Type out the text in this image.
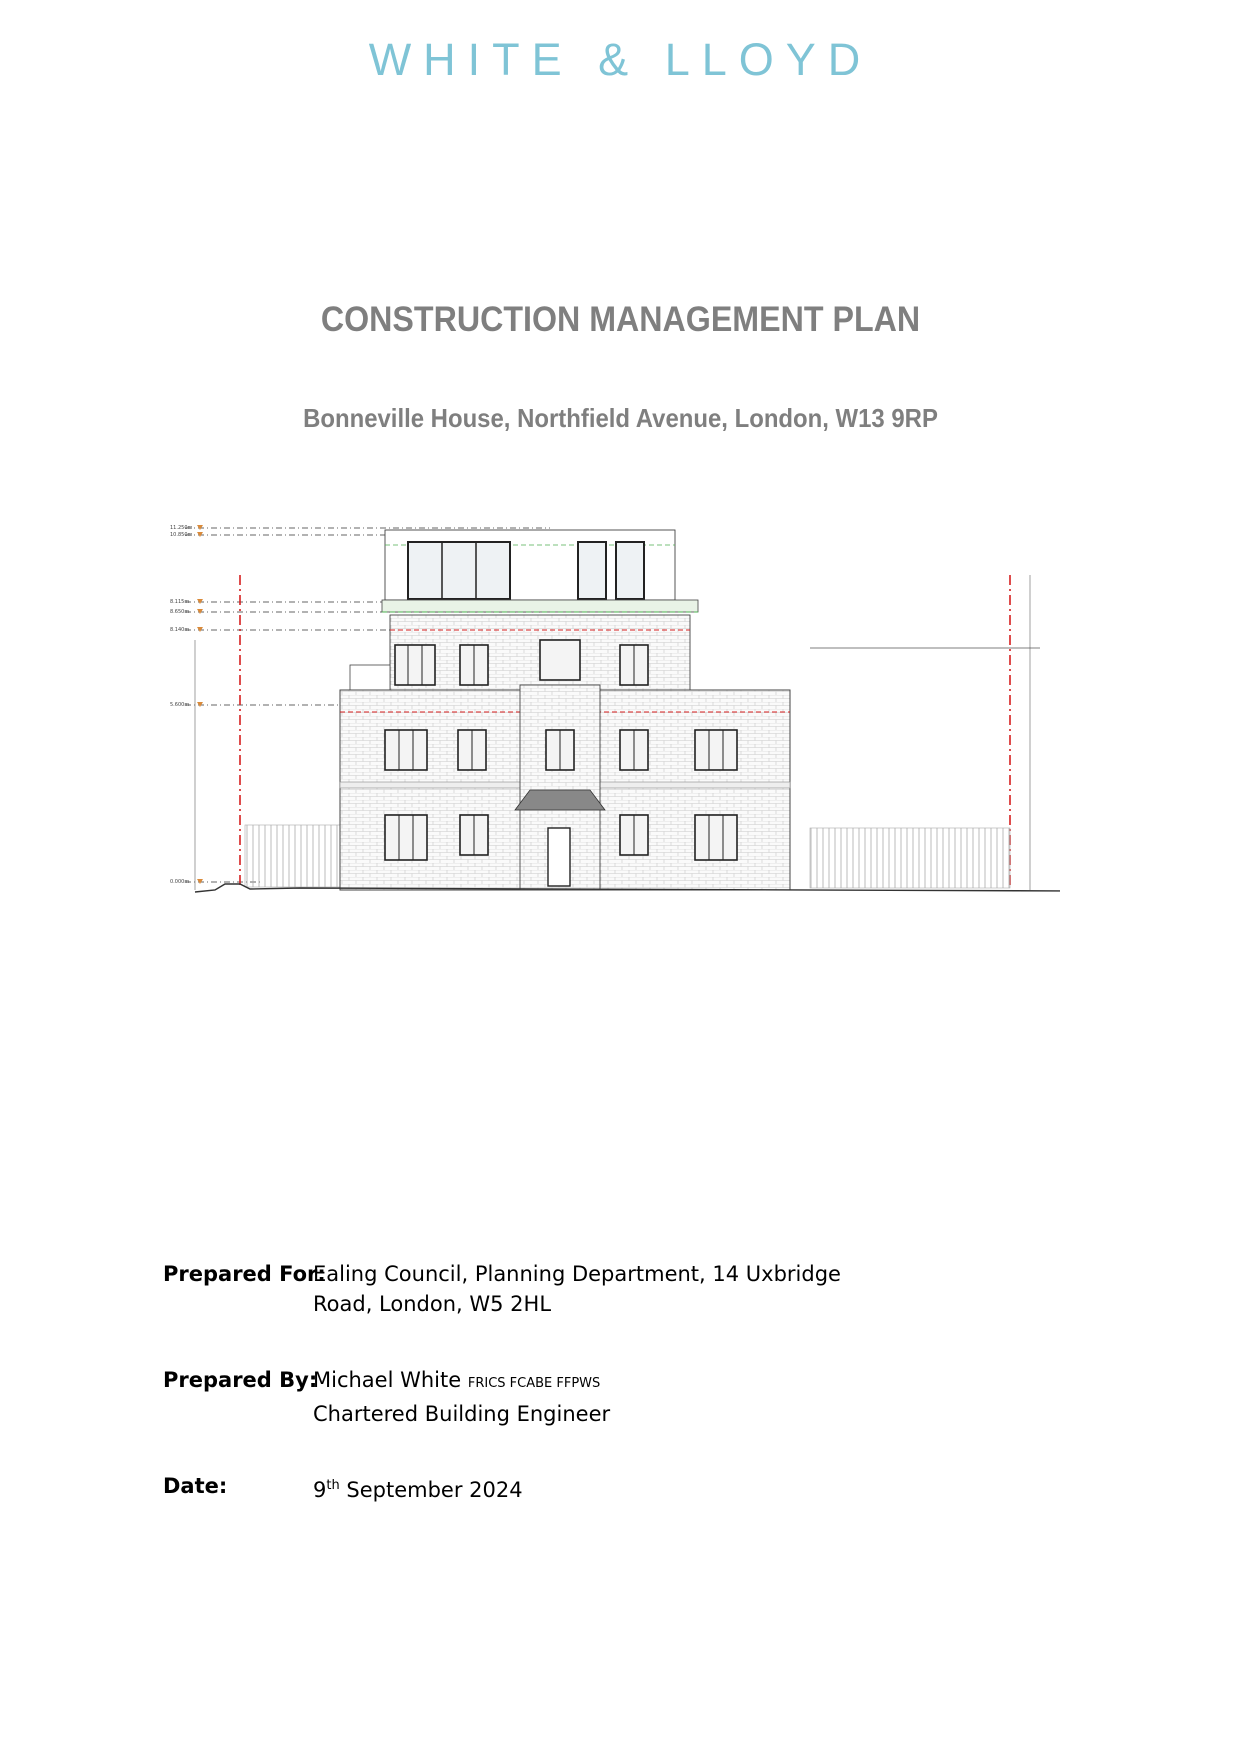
WHITE & LLOYD
CONSTRUCTION MANAGEMENT PLAN
Bonneville House, Northfield Avenue, London, W13 9RP
11.250m
10.850m
8.115m
8.650m
8.140m
5.600m
0.000m
Prepared For:
Ealing Council, Planning Department, 14 Uxbridge Road, London, W5 2HL
Prepared By:
Michael White FRICS FCABE FFPWS
Chartered Building Engineer
Date:	9th September 2024
